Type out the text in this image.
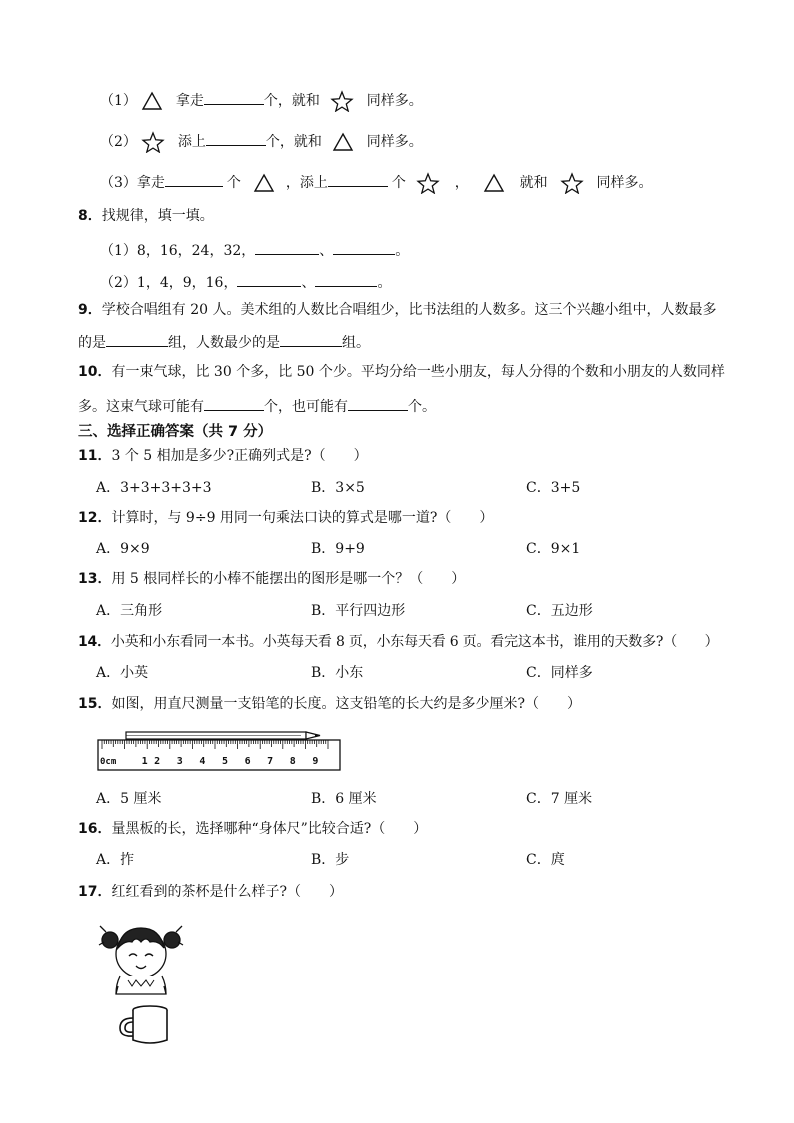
（1）	拿走	个，就和	同样多。
（2）	添上	个，就和	同样多。
（3）拿走	个	，添上	个	，	就和	同样多。
8．找规律，填一填。
（1）8，16，24，32，	、	。
（2）1，4，9，16，	、	。
9．学校合唱组有 20 人。美术组的人数比合唱组少，比书法组的人数多。这三个兴趣小组中，人数最多
的是	组，人数最少的是	组。
10．有一束气球，比 30 个多，比 50 个少。平均分给一些小朋友，每人分得的个数和小朋友的人数同样
多。这束气球可能有	个，也可能有	个。
三、选择正确答案（共 7 分）
11．3 个 5 相加是多少?正确列式是?（　　）
A．3+3+3+3+3	B．3×5	C．3+5
12．计算时，与 9÷9 用同一句乘法口诀的算式是哪一道?（　　）
A．9×9	B．9+9	C．9×1
13．用 5 根同样长的小棒不能摆出的图形是哪一个？（　　）
A．三角形	B．平行四边形	C．五边形
14．小英和小东看同一本书。小英每天看 8 页，小东每天看 6 页。看完这本书，谁用的天数多?（　　）
A．小英	B．小东	C．同样多
15．如图，用直尺测量一支铅笔的长度。这支铅笔的长大约是多少厘米?（　　）
0cm	1 2 3 4 5 6 7 8 9
A．5 厘米	B．6 厘米	C．7 厘米
16．量黑板的长，选择哪种“身体尺”比较合适?（　　）
A．拃	B．步	C．庹
17．红红看到的茶杯是什么样子?（　　）
